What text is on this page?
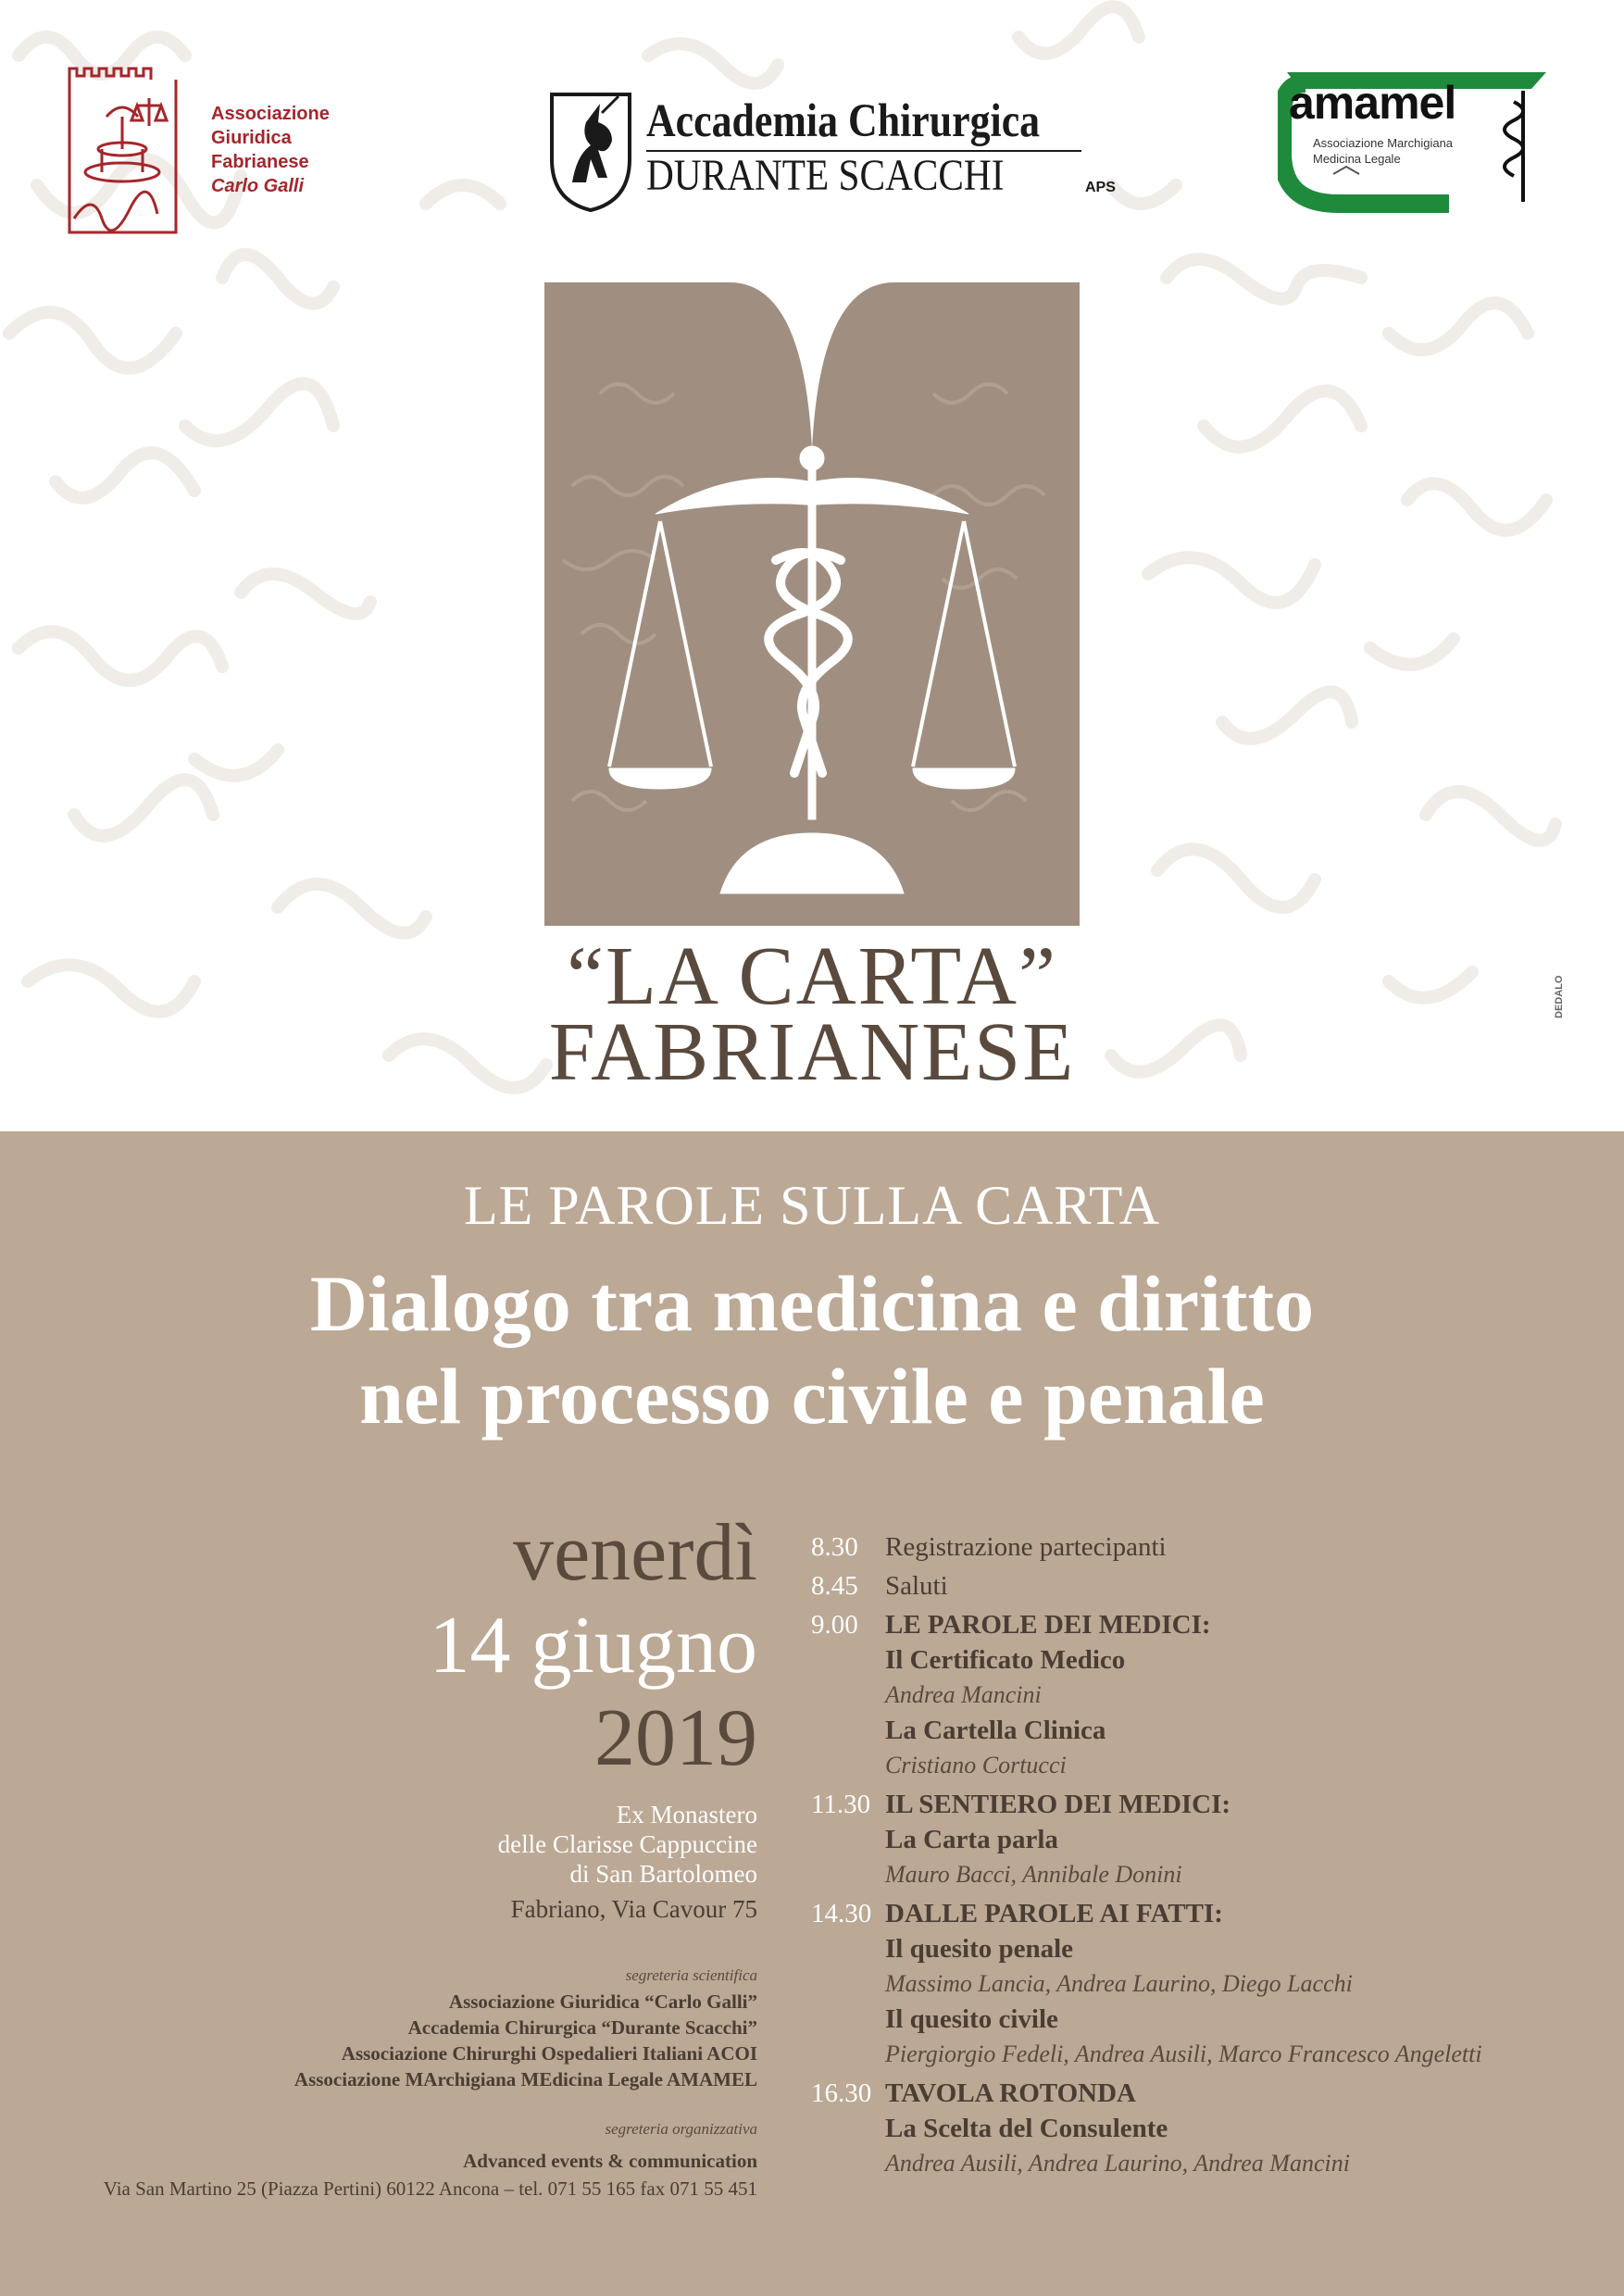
Associazione
Giuridica
Fabrianese
Carlo Galli
Accademia Chirurgica
DURANTE SCACCHI	APS
amamel
Associazione Marchigiana
Medicina Legale
“LA CARTA”
FABRIANESE
DEDALO
LE PAROLE SULLA CARTA
Dialogo tra medicina e diritto
nel processo civile e penale
venerdì
14 giugno
2019
Ex Monastero
delle Clarisse Cappuccine
di San Bartolomeo
Fabriano, Via Cavour 75
segreteria scientifica
Associazione Giuridica “Carlo Galli”
Accademia Chirurgica “Durante Scacchi”
Associazione Chirurghi Ospedalieri Italiani ACOI
Associazione MArchigiana MEdicina Legale AMAMEL
segreteria organizzativa
Advanced events & communication
Via San Martino 25 (Piazza Pertini) 60122 Ancona – tel. 071 55 165 fax 071 55 451
8.30 Registrazione partecipanti
8.45 Saluti
9.00 LE PAROLE DEI MEDICI:
Il Certificato Medico
Andrea Mancini
La Cartella Clinica
Cristiano Cortucci
11.30 IL SENTIERO DEI MEDICI:
La Carta parla
Mauro Bacci, Annibale Donini
14.30 DALLE PAROLE AI FATTI:
Il quesito penale
Massimo Lancia, Andrea Laurino, Diego Lacchi
Il quesito civile
Piergiorgio Fedeli, Andrea Ausili, Marco Francesco Angeletti
16.30 TAVOLA ROTONDA
La Scelta del Consulente
Andrea Ausili, Andrea Laurino, Andrea Mancini
